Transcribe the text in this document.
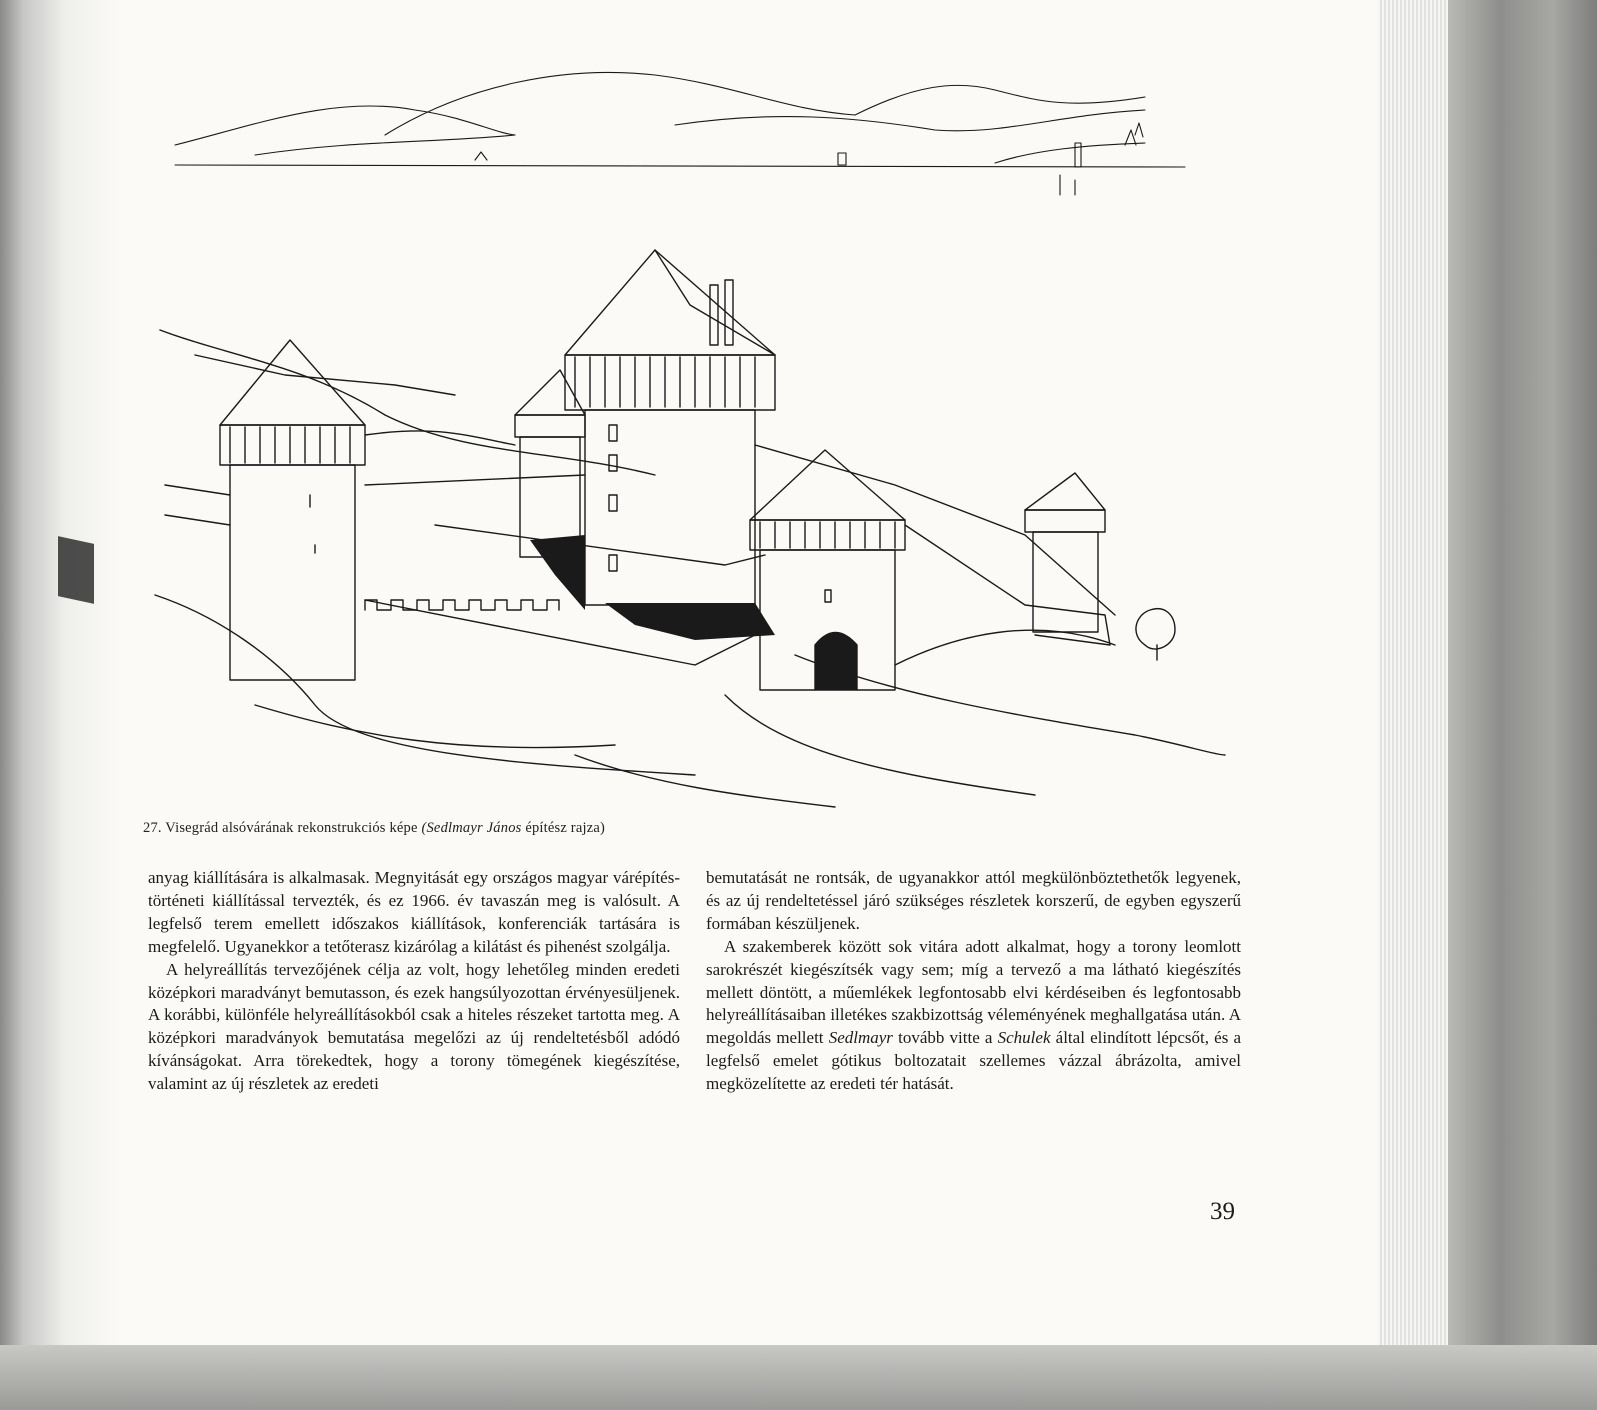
27. Visegrád alsóvárának rekonstrukciós képe (Sedlmayr János építész rajza)

anyag kiállítására is alkalmasak. Megnyitását egy országos magyar várépítés-történeti kiállítással tervezték, és ez 1966. év tavaszán meg is valósult. A legfelső terem emellett időszakos kiállítások, konferenciák tartására is megfelelő. Ugyanekkor a tetőterasz kizárólag a kilátást és pihenést szolgálja.

A helyreállítás tervezőjének célja az volt, hogy lehetőleg minden eredeti középkori maradványt bemutasson, és ezek hangsúlyozottan érvényesüljenek. A korábbi, különféle helyreállításokból csak a hiteles részeket tartotta meg. A középkori maradványok bemutatása megelőzi az új rendeltetésből adódó kívánságokat. Arra törekedtek, hogy a torony tömegének kiegészítése, valamint az új részletek az eredeti

bemutatását ne rontsák, de ugyanakkor attól megkülönböztethetők legyenek, és az új rendeltetéssel járó szükséges részletek korszerű, de egyben egyszerű formában készüljenek.

A szakemberek között sok vitára adott alkalmat, hogy a torony leomlott sarokrészét kiegészítsék vagy sem; míg a tervező a ma látható kiegészítés mellett döntött, a műemlékek legfontosabb elvi kérdéseiben és legfontosabb helyreállításaiban illetékes szakbizottság véleményének meghallgatása után. A megoldás mellett Sedlmayr tovább vitte a Schulek által elindított lépcsőt, és a legfelső emelet gótikus boltozatait szellemes vázzal ábrázolta, amivel megközelítette az eredeti tér hatását.

39
